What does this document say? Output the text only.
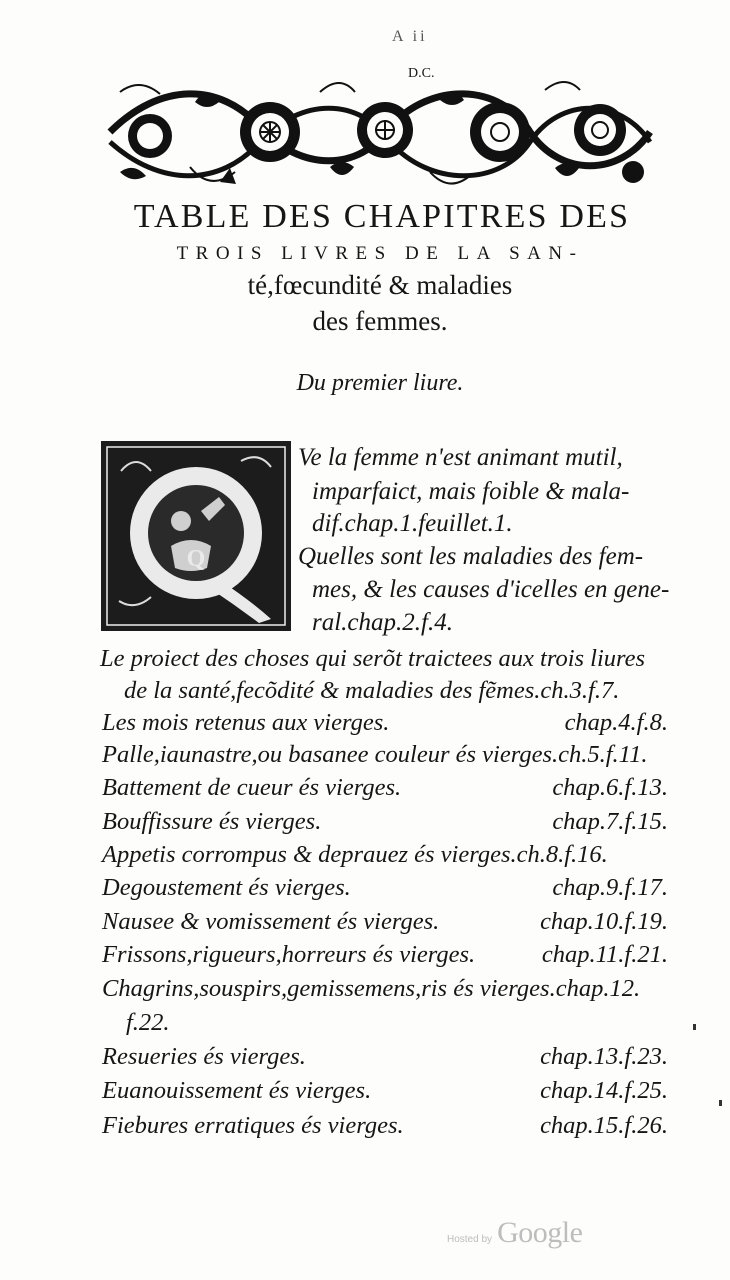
A ii
D.C.
TABLE DES CHAPITRES DES
TROIS LIVRES DE LA SAN-
té,fœcundité & maladies
des femmes.
Du premier liure.
Q
Ve la femme n'est animant mutil,
imparfaict, mais foible & mala-
dif.chap.1.feuillet.1.
Quelles sont les maladies des fem-
mes, & les causes d'icelles en gene-
ral.chap.2.f.4.
Le proiect des choses qui serõt traictees aux trois liures
de la santé,fecõdité & maladies des fẽmes.ch.3.f.7.
Les mois retenus aux vierges.	chap.4.f.8.
Palle,iaunastre,ou basanee couleur és vierges.ch.5.f.11.
Battement de cueur és vierges.	chap.6.f.13.
Bouffissure és vierges.	chap.7.f.15.
Appetis corrompus & deprauez és vierges.ch.8.f.16.
Degoustement és vierges.	chap.9.f.17.
Nausee & vomissement és vierges.	chap.10.f.19.
Frissons,rigueurs,horreurs és vierges.	chap.11.f.21.
Chagrins,souspirs,gemissemens,ris és vierges.chap.12.
f.22.
Resueries és vierges.	chap.13.f.23.
Euanouissement és vierges.	chap.14.f.25.
Fiebures erratiques és vierges.	chap.15.f.26.
Hosted by Google
